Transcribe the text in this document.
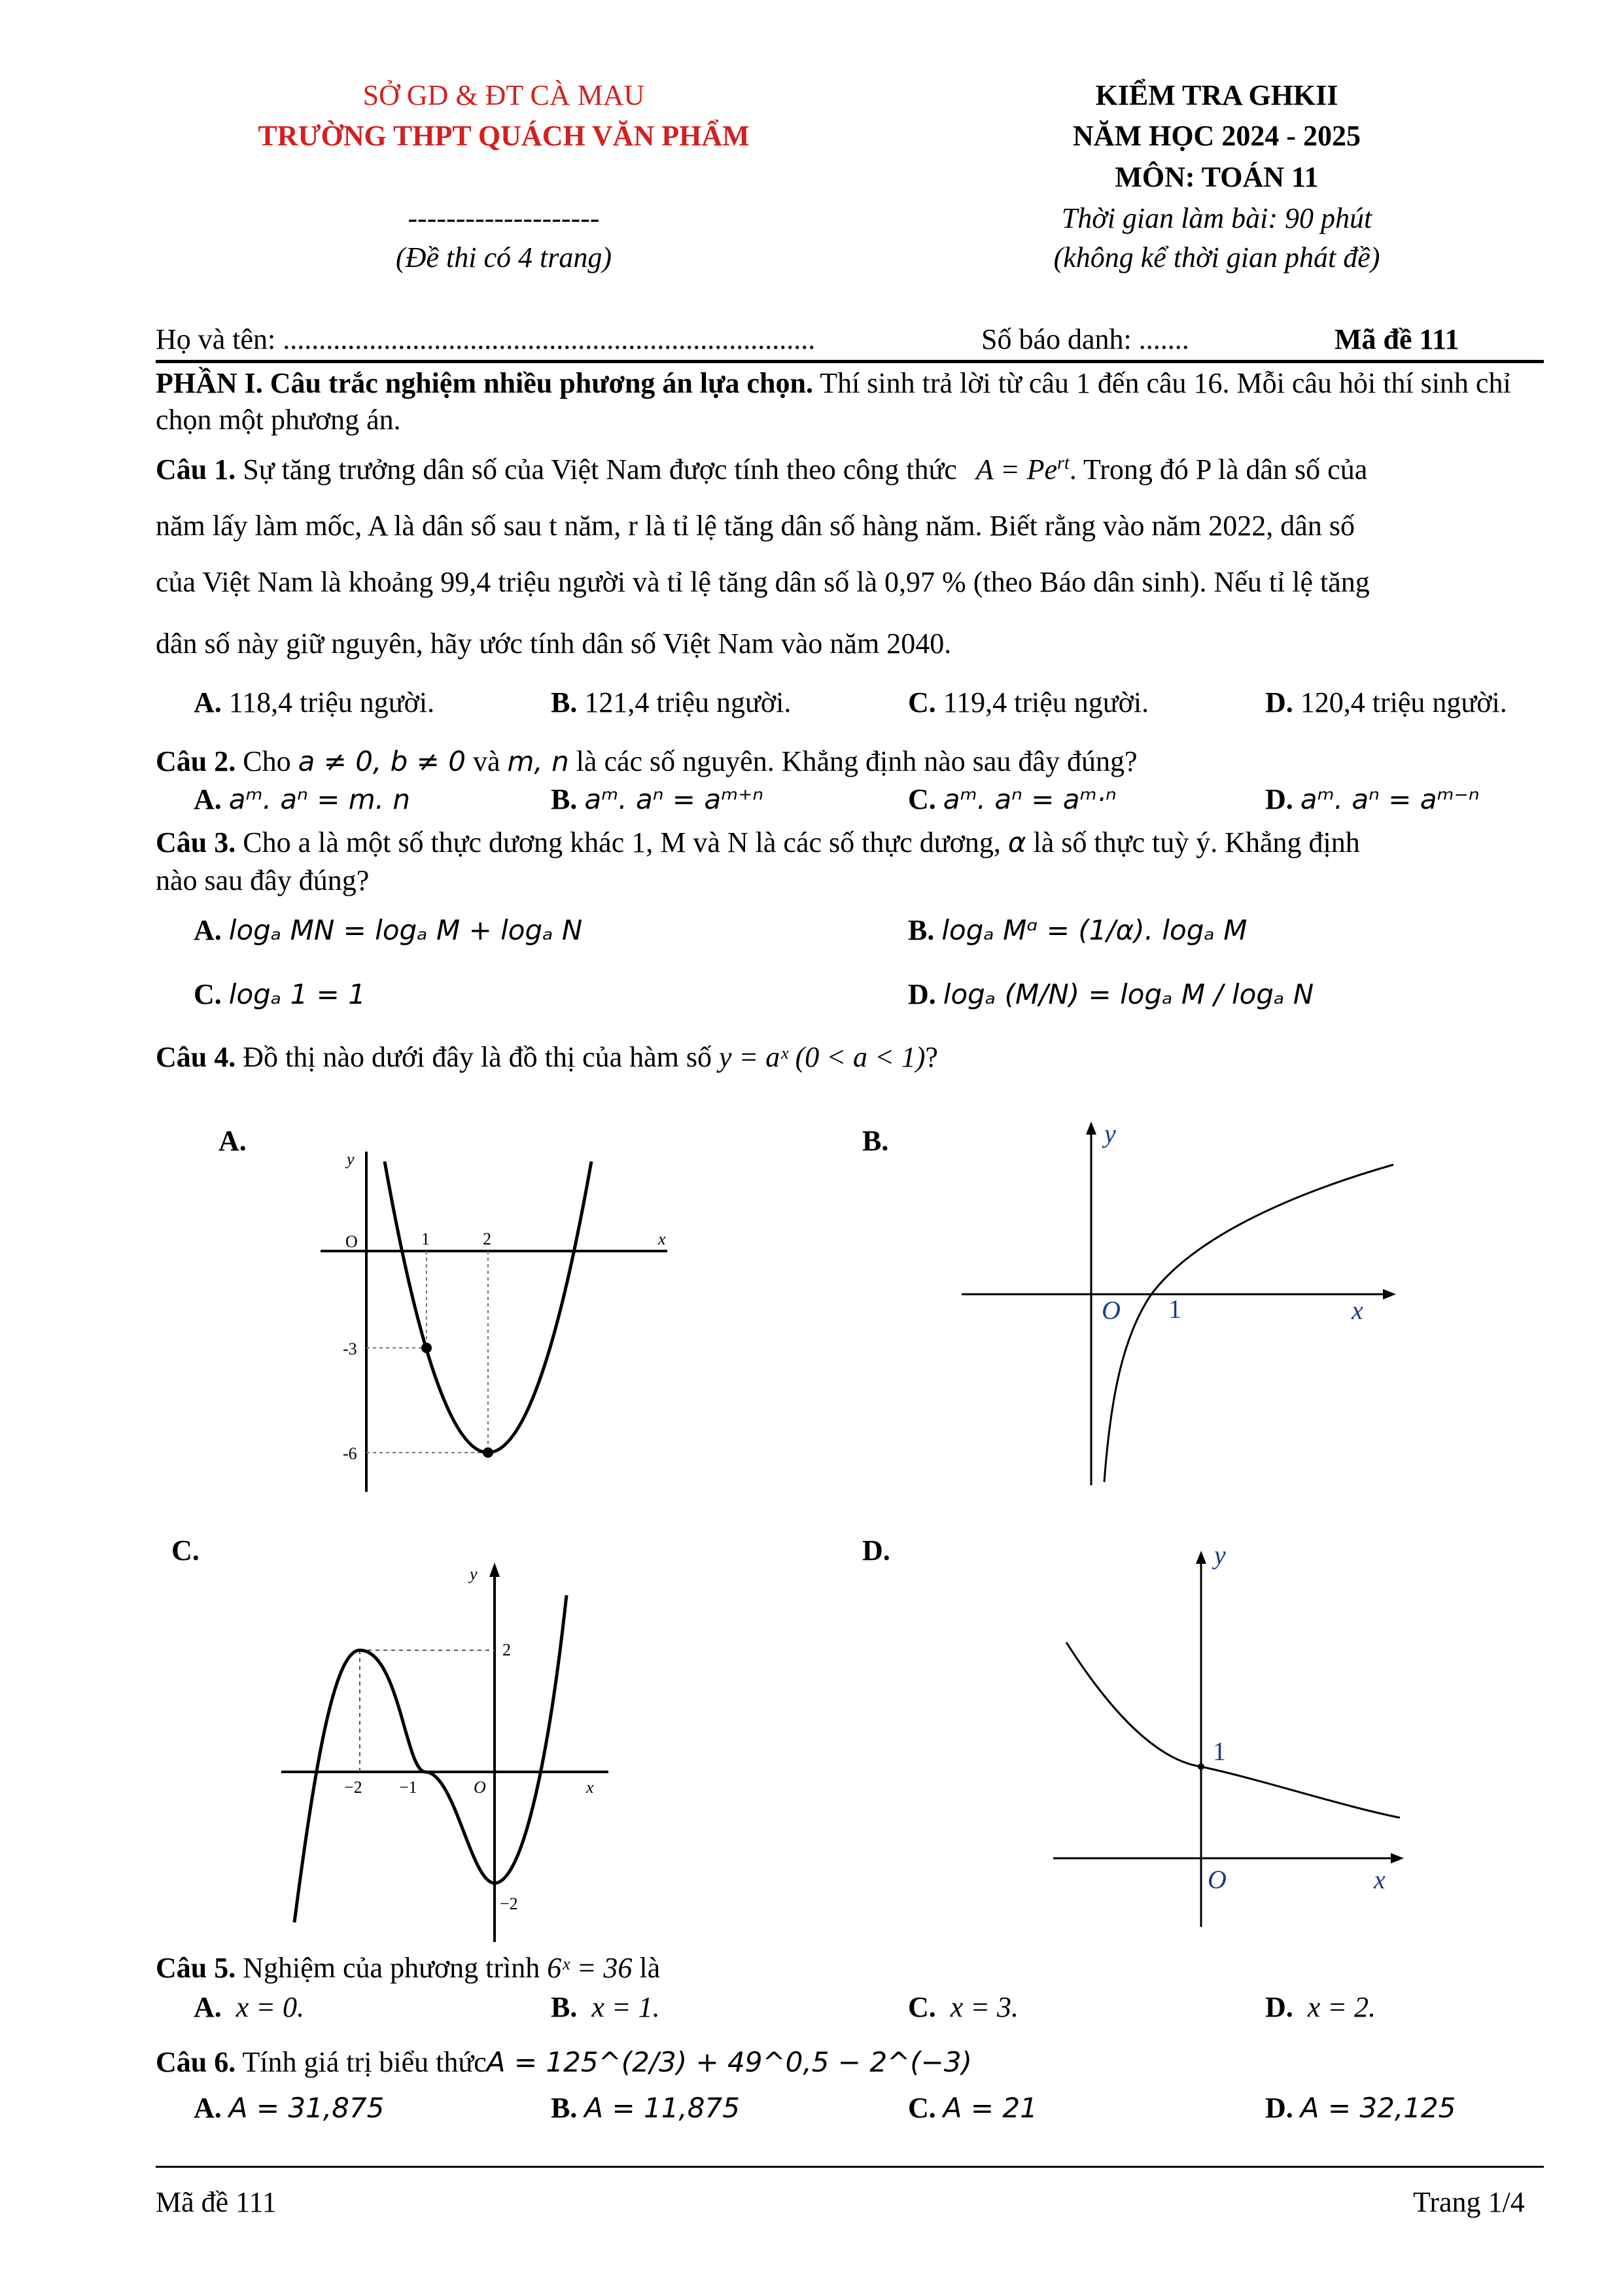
SỞ GD & ĐT CÀ MAU
TRƯỜNG THPT QUÁCH VĂN PHẨM
--------------------
(Đề thi có 4 trang)
KIỂM TRA GHKII
NĂM HỌC 2024 - 2025
MÔN: TOÁN 11
Thời gian làm bài: 90 phút
(không kể thời gian phát đề)
Họ và tên: ..........................................................................	Số báo danh: .......	Mã đề 111
PHẦN I. Câu trắc nghiệm nhiều phương án lựa chọn. Thí sinh trả lời từ câu 1 đến câu 16. Mỗi câu hỏi thí sinh chỉ chọn một phương án.
Câu 1. Sự tăng trưởng dân số của Việt Nam được tính theo công thức $A = Pe^{rt}$. Trong đó P là dân số của
năm lấy làm mốc, A là dân số sau t năm, r là tỉ lệ tăng dân số hàng năm. Biết rằng vào năm 2022, dân số
của Việt Nam là khoảng 99,4 triệu người và tỉ lệ tăng dân số là 0,97 % (theo Báo dân sinh). Nếu tỉ lệ tăng
dân số này giữ nguyên, hãy ước tính dân số Việt Nam vào năm 2040.
A. 118,4 triệu người.	B. 121,4 triệu người.	C. 119,4 triệu người.	D. 120,4 triệu người.
Câu 2. Cho a ≠ 0, b ≠ 0 và m, n là các số nguyên. Khẳng định nào sau đây đúng?
A. aᵐ. aⁿ = m. n	B. aᵐ. aⁿ = aᵐ⁺ⁿ	C. aᵐ. aⁿ = aᵐ·ⁿ	D. aᵐ. aⁿ = aᵐ⁻ⁿ
Câu 3. Cho a là một số thực dương khác 1, M và N là các số thực dương, α là số thực tuỳ ý. Khẳng định
nào sau đây đúng?
A. logₐ MN = logₐ M + logₐ N	B. logₐ Mᵅ = (1/α). logₐ M
C. logₐ 1 = 1	D. logₐ (M/N) = logₐ M / logₐ N
Câu 4. Đồ thị nào dưới đây là đồ thị của hàm số y = aˣ (0 < a < 1)?
A.	B.
C.	D.
y
x
O	1	2
-3
-6
y
x
O 1
y
x
O
2
−2 −1
−2
y
x
O
1
Câu 5. Nghiệm của phương trình 6ˣ = 36 là
A. x = 0.	B. x = 1.	C. x = 3.	D. x = 2.
Câu 6. Tính giá trị biểu thứcA = 125^(2/3) + 49^0,5 − 2^(−3)
A. A = 31,875	B. A = 11,875	C. A = 21	D. A = 32,125
Mã đề 111	Trang 1/4
